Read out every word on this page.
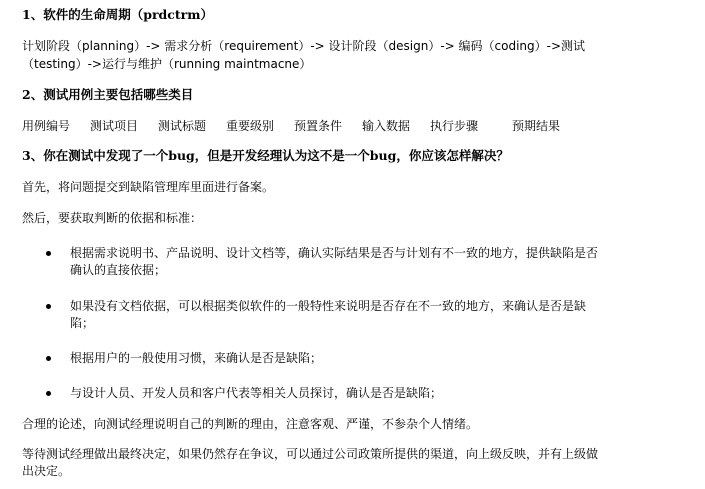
1、软件的生命周期（prdctrm）
计划阶段（planning）-> 需求分析（requirement）-> 设计阶段（design）-> 编码（coding）->测试
（testing）->运行与维护（running maintmacne）
2、测试用例主要包括哪些类目
用例编号 测试项目 测试标题 重要级别 预置条件 输入数据 执行步骤	预期结果
3、你在测试中发现了一个bug，但是开发经理认为这不是一个bug，你应该怎样解决？
首先，将问题提交到缺陷管理库里面进行备案。
然后，要获取判断的依据和标准：
根据需求说明书、产品说明、设计文档等，确认实际结果是否与计划有不一致的地方，提供缺陷是否确认的直接依据；
如果没有文档依据，可以根据类似软件的一般特性来说明是否存在不一致的地方，来确认是否是缺陷；
根据用户的一般使用习惯，来确认是否是缺陷；
与设计人员、开发人员和客户代表等相关人员探讨，确认是否是缺陷；
合理的论述，向测试经理说明自己的判断的理由，注意客观、严谨，不参杂个人情绪。
等待测试经理做出最终决定，如果仍然存在争议，可以通过公司政策所提供的渠道，向上级反映，并有上级做出决定。
